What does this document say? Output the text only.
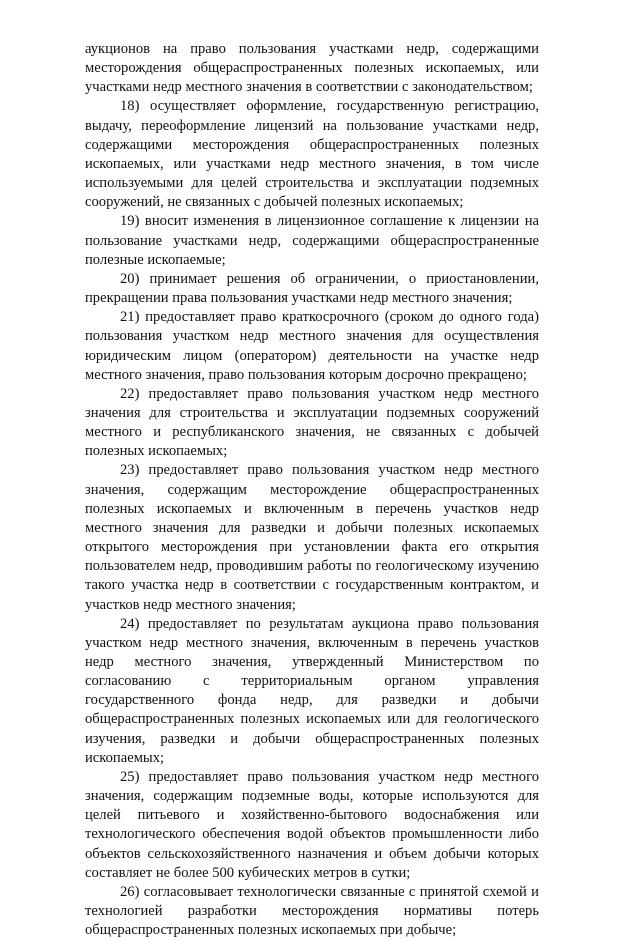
аукционов на право пользования участками недр, содержащими месторождения общераспространенных полезных ископаемых, или участками недр местного значения в соответствии с законодательством;

18) осуществляет оформление, государственную регистрацию, выдачу, переоформление лицензий на пользование участками недр, содержащими месторождения общераспространенных полезных ископаемых, или участками недр местного значения, в том числе используемыми для целей строительства и эксплуатации подземных сооружений, не связанных с добычей полезных ископаемых;

19) вносит изменения в лицензионное соглашение к лицензии на пользование участками недр, содержащими общераспространенные полезные ископаемые;

20) принимает решения об ограничении, о приостановлении, прекращении права пользования участками недр местного значения;

21) предоставляет право краткосрочного (сроком до одного года) пользования участком недр местного значения для осуществления юридическим лицом (оператором) деятельности на участке недр местного значения, право пользования которым досрочно прекращено;

22) предоставляет право пользования участком недр местного значения для строительства и эксплуатации подземных сооружений местного и республиканского значения, не связанных с добычей полезных ископаемых;

23) предоставляет право пользования участком недр местного значения, содержащим месторождение общераспространенных полезных ископаемых и включенным в перечень участков недр местного значения для разведки и добычи полезных ископаемых открытого месторождения при установлении факта его открытия пользователем недр, проводившим работы по геологическому изучению такого участка недр в соответствии с государственным контрактом, и участков недр местного значения;

24) предоставляет по результатам аукциона право пользования участком недр местного значения, включенным в перечень участков недр местного значения, утвержденный Министерством по согласованию с территориальным органом управления государственного фонда недр, для разведки и добычи общераспространенных полезных ископаемых или для геологического изучения, разведки и добычи общераспространенных полезных ископаемых;

25) предоставляет право пользования участком недр местного значения, содержащим подземные воды, которые используются для целей питьевого и хозяйственно-бытового водоснабжения или технологического обеспечения водой объектов промышленности либо объектов сельскохозяйственного назначения и объем добычи которых составляет не более 500 кубических метров в сутки;

26) согласовывает технологически связанные с принятой схемой и технологией разработки месторождения нормативы потерь общераспространенных полезных ископаемых при добыче;
